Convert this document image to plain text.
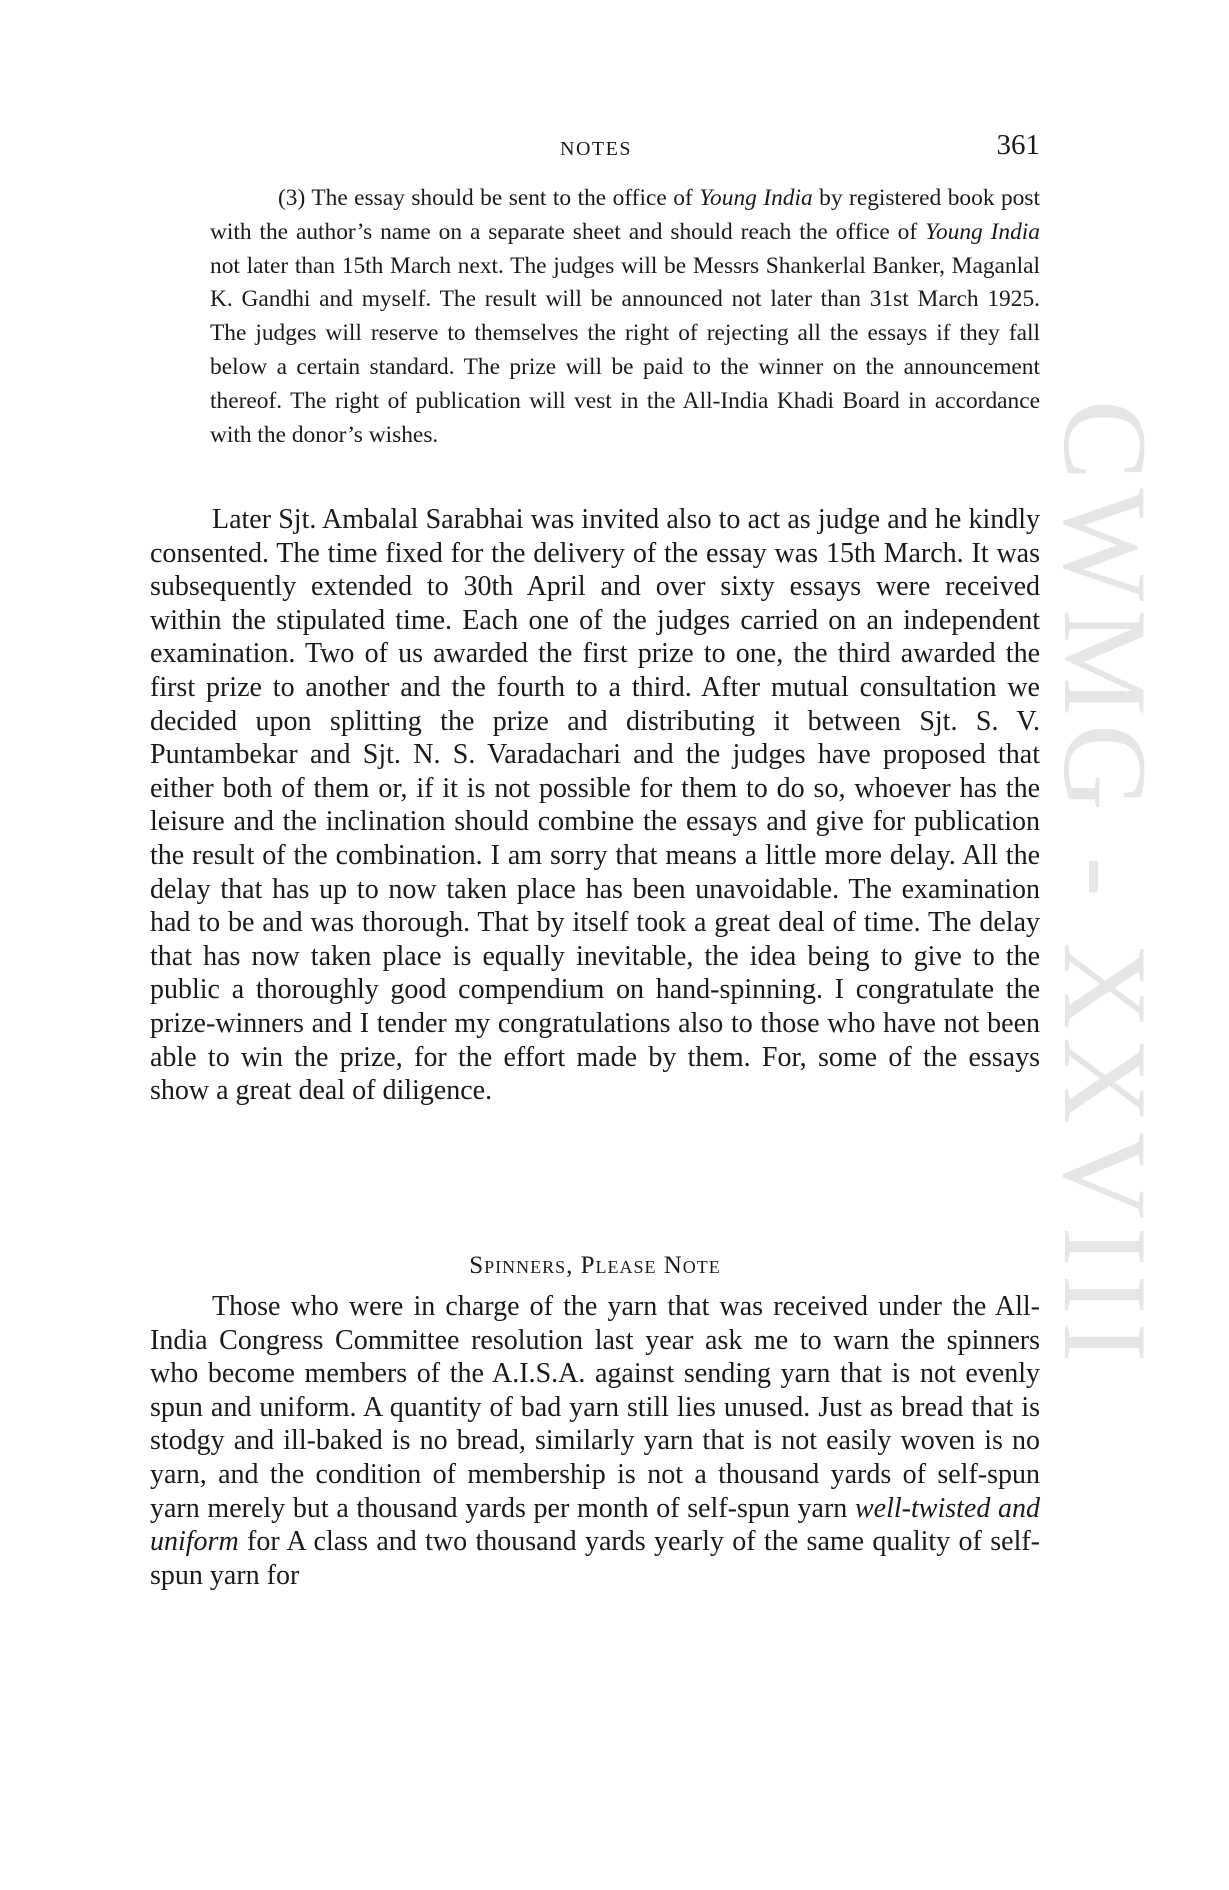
CWMG - XXVIII
NOTES	361

(3) The essay should be sent to the office of Young India by registered book post with the author’s name on a separate sheet and should reach the office of Young India not later than 15th March next. The judges will be Messrs Shankerlal Banker, Maganlal K. Gandhi and myself. The result will be announced not later than 31st March 1925. The judges will reserve to themselves the right of rejecting all the essays if they fall below a certain standard. The prize will be paid to the winner on the announcement thereof. The right of publication will vest in the All-India Khadi Board in accordance with the donor’s wishes.

Later Sjt. Ambalal Sarabhai was invited also to act as judge and he kindly consented. The time fixed for the delivery of the essay was 15th March. It was subsequently extended to 30th April and over sixty essays were received within the stipulated time. Each one of the judges carried on an independent examination. Two of us awarded the first prize to one, the third awarded the first prize to another and the fourth to a third. After mutual consultation we decided upon splitting the prize and distributing it between Sjt. S. V. Puntambekar and Sjt. N. S. Varadachari and the judges have proposed that either both of them or, if it is not possible for them to do so, whoever has the leisure and the inclination should combine the essays and give for publication the result of the combination. I am sorry that means a little more delay. All the delay that has up to now taken place has been unavoidable. The examination had to be and was thorough. That by itself took a great deal of time. The delay that has now taken place is equally inevitable, the idea being to give to the public a thoroughly good compendium on hand-spinning. I congratulate the prize-winners and I tender my congratulations also to those who have not been able to win the prize, for the effort made by them. For, some of the essays show a great deal of diligence.

Spinners, Please Note

Those who were in charge of the yarn that was received under the All-India Congress Committee resolution last year ask me to warn the spinners who become members of the A.I.S.A. against sending yarn that is not evenly spun and uniform. A quantity of bad yarn still lies unused. Just as bread that is stodgy and ill-baked is no bread, similarly yarn that is not easily woven is no yarn, and the condition of membership is not a thousand yards of self-spun yarn merely but a thousand yards per month of self-spun yarn well-twisted and uniform for A class and two thousand yards yearly of the same quality of self-spun yarn for
